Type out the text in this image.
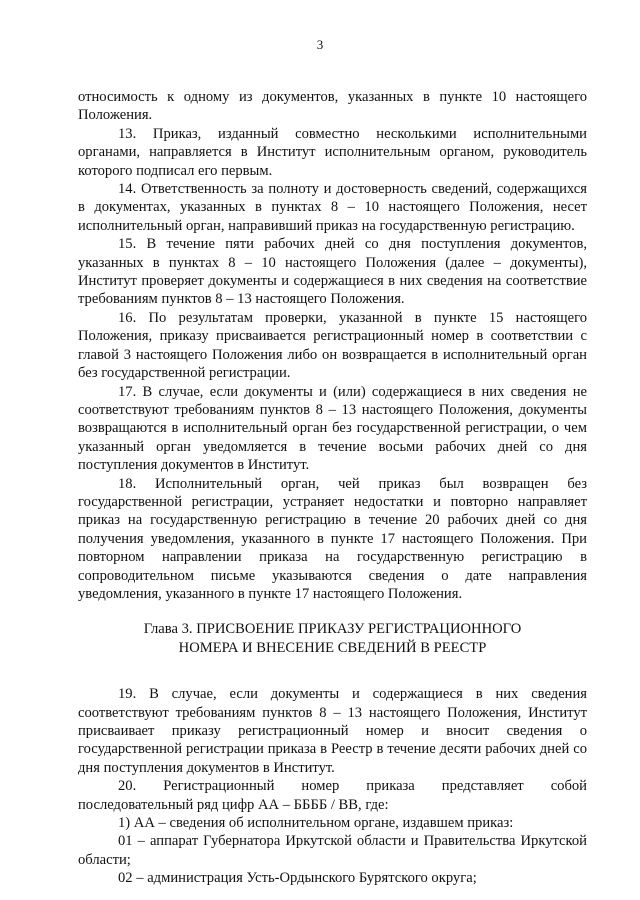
3

относимость к одному из документов, указанных в пункте 10 настоящего Положения.

13. Приказ, изданный совместно несколькими исполнительными органами, направляется в Институт исполнительным органом, руководитель которого подписал его первым.

14. Ответственность за полноту и достоверность сведений, содержащихся в документах, указанных в пунктах 8 – 10 настоящего Положения, несет исполнительный орган, направивший приказ на государственную регистрацию.

15. В течение пяти рабочих дней со дня поступления документов, указанных в пунктах 8 – 10 настоящего Положения (далее – документы), Институт проверяет документы и содержащиеся в них сведения на соответствие требованиям пунктов 8 – 13 настоящего Положения.

16. По результатам проверки, указанной в пункте 15 настоящего Положения, приказу присваивается регистрационный номер в соответствии с главой 3 настоящего Положения либо он возвращается в исполнительный орган без государственной регистрации.

17. В случае, если документы и (или) содержащиеся в них сведения не соответствуют требованиям пунктов 8 – 13 настоящего Положения, документы возвращаются в исполнительный орган без государственной регистрации, о чем указанный орган уведомляется в течение восьми рабочих дней со дня поступления документов в Институт.

18. Исполнительный орган, чей приказ был возвращен без государственной регистрации, устраняет недостатки и повторно направляет приказ на государственную регистрацию в течение 20 рабочих дней со дня получения уведомления, указанного в пункте 17 настоящего Положения. При повторном направлении приказа на государственную регистрацию в сопроводительном письме указываются сведения о дате направления уведомления, указанного в пункте 17 настоящего Положения.

Глава 3. ПРИСВОЕНИЕ ПРИКАЗУ РЕГИСТРАЦИОННОГО
НОМЕРА И ВНЕСЕНИЕ СВЕДЕНИЙ В РЕЕСТР

19. В случае, если документы и содержащиеся в них сведения соответствуют требованиям пунктов 8 – 13 настоящего Положения, Институт присваивает приказу регистрационный номер и вносит сведения о государственной регистрации приказа в Реестр в течение десяти рабочих дней со дня поступления документов в Институт.

20. Регистрационный номер приказа представляет собой последовательный ряд цифр АА – ББББ / ВВ, где:

1) АА – сведения об исполнительном органе, издавшем приказ:

01 – аппарат Губернатора Иркутской области и Правительства Иркутской области;

02 – администрация Усть-Ордынского Бурятского округа;
